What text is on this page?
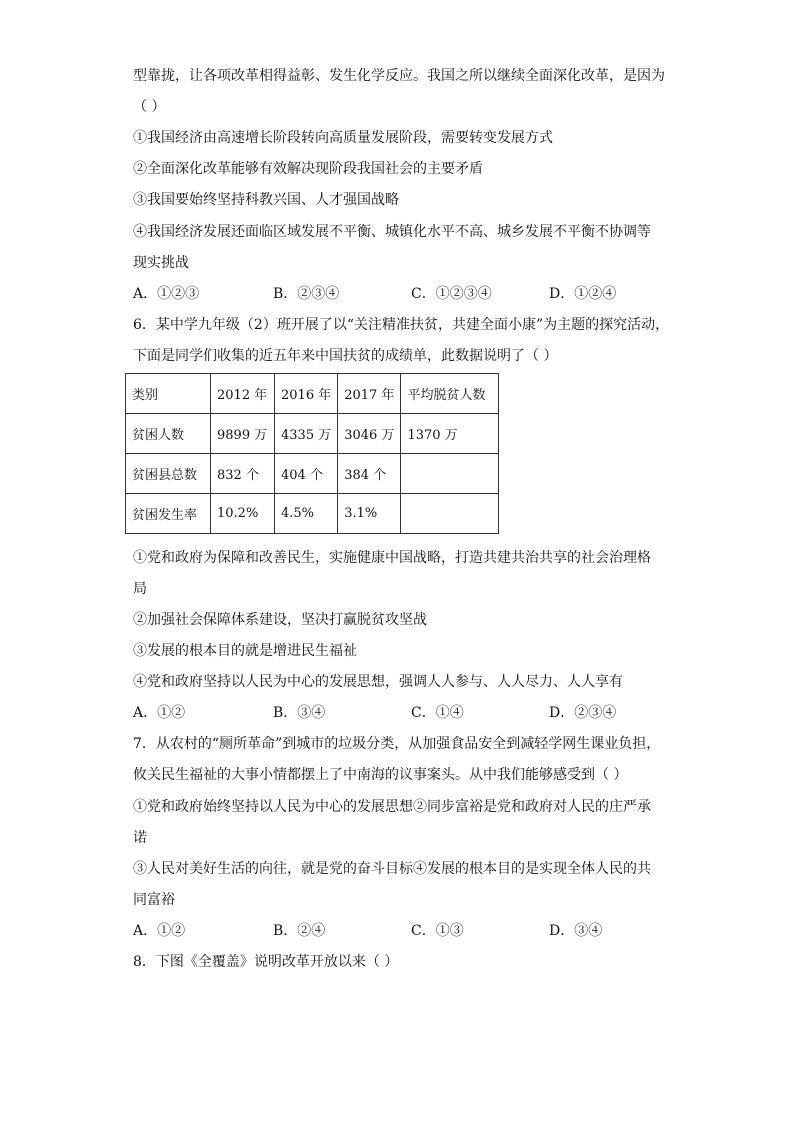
型靠拢，让各项改革相得益彰、发生化学反应。我国之所以继续全面深化改革，是因为
（ ）
①我国经济由高速增长阶段转向高质量发展阶段，需要转变发展方式
②全面深化改革能够有效解决现阶段我国社会的主要矛盾
③我国要始终坚持科教兴国、人才强国战略
④我国经济发展还面临区域发展不平衡、城镇化水平不高、城乡发展不平衡不协调等
现实挑战
A．①②③	B．②③④	C．①②③④	D．①②④
6．某中学九年级（2）班开展了以“关注精准扶贫，共建全面小康”为主题的探究活动，
下面是同学们收集的近五年来中国扶贫的成绩单，此数据说明了（ ）
类别	2012 年	2016 年	2017 年	平均脱贫人数
贫困人数	9899 万	4335 万	3046 万	1370 万
贫困县总数	832 个	404 个	384 个	
贫困发生率	10.2%	4.5%	3.1%	
①党和政府为保障和改善民生，实施健康中国战略，打造共建共治共享的社会治理格
局
②加强社会保障体系建设，坚决打赢脱贫攻坚战
③发展的根本目的就是增进民生福祉
④党和政府坚持以人民为中心的发展思想，强调人人参与、人人尽力、人人享有
A．①②	B．③④	C．①④	D．②③④
7．从农村的“厕所革命”到城市的垃圾分类，从加强食品安全到减轻学网生课业负担，
攸关民生福祉的大事小情都摆上了中南海的议事案头。从中我们能够感受到（ ）
①党和政府始终坚持以人民为中心的发展思想②同步富裕是党和政府对人民的庄严承
诺
③人民对美好生活的向往，就是党的奋斗目标④发展的根本目的是实现全体人民的共
同富裕
A．①②	B．②④	C．①③	D．③④
8．下图《全覆盖》说明改革开放以来（ ）
